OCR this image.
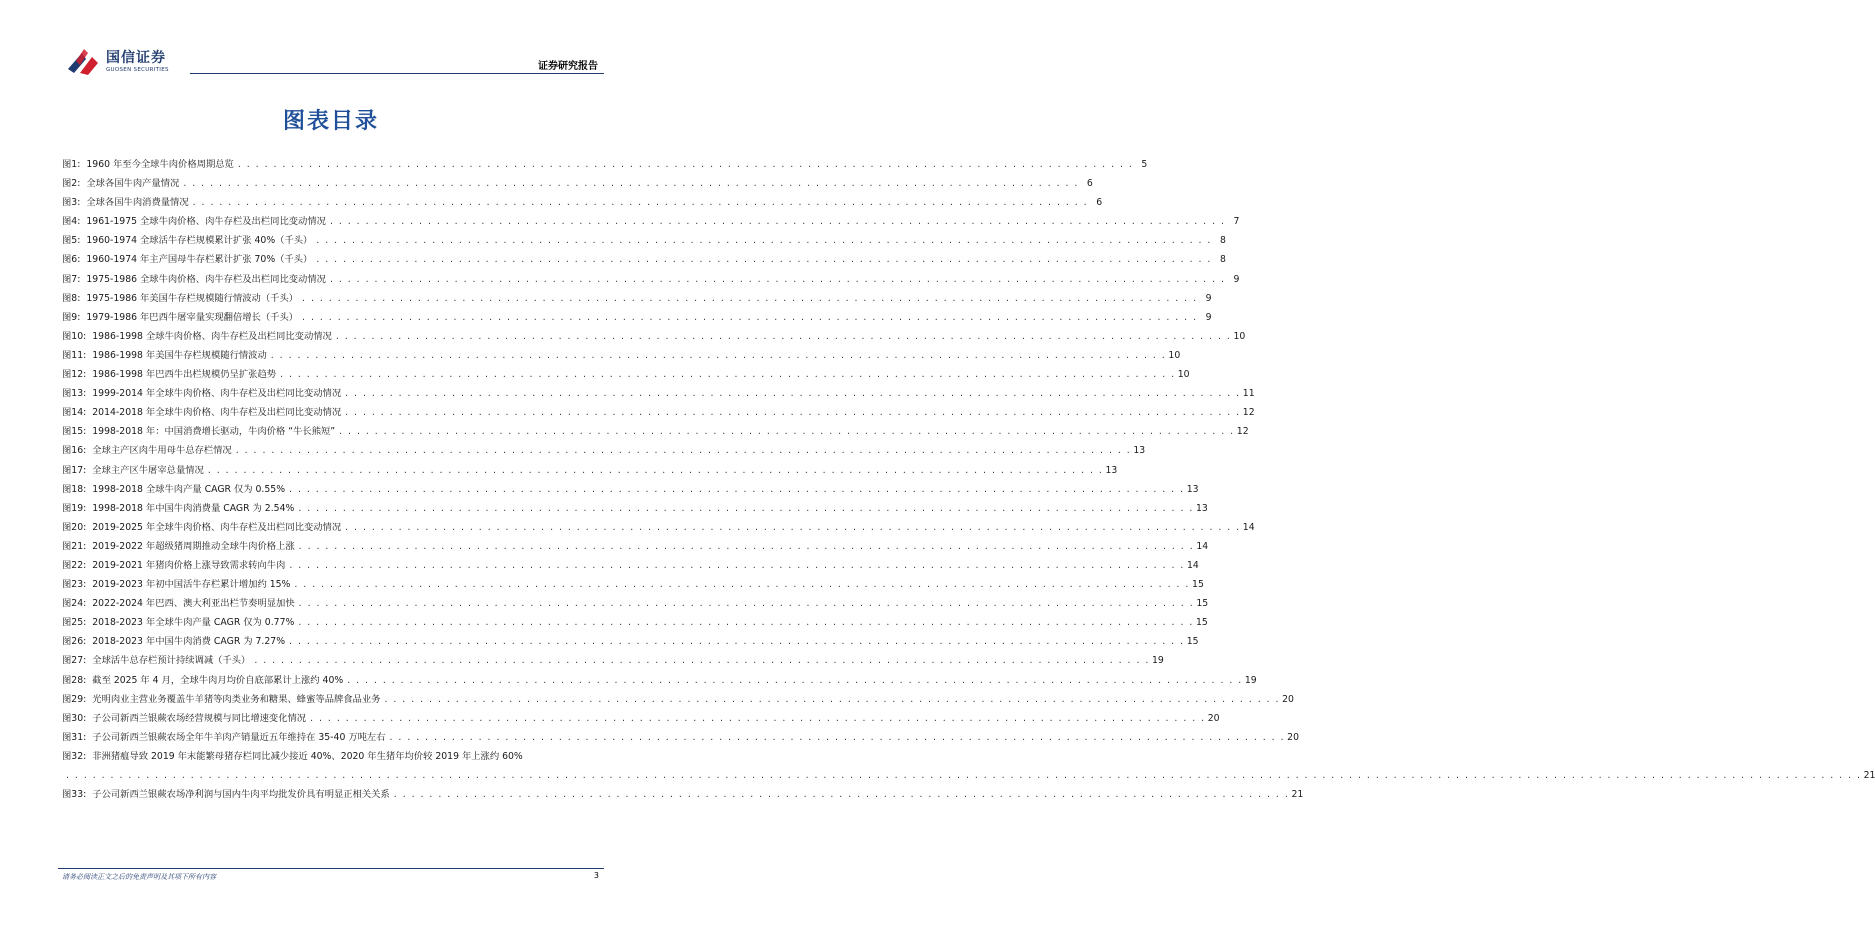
国信证券
GUOSEN SECURITIES	证券研究报告
图表目录
图1: 1960 年至今全球牛肉价格周期总览 . . . . . . . . . . . . . . . . . . . . . . . . . . . . . . . . . . . . . . . . . . . . . . . . . . . . . . . . . . . . . . . . . . . . . . . . . . . . . . . . . . . . . . . . . . . . . . . . . . . . . 5
图2: 全球各国牛肉产量情况 . . . . . . . . . . . . . . . . . . . . . . . . . . . . . . . . . . . . . . . . . . . . . . . . . . . . . . . . . . . . . . . . . . . . . . . . . . . . . . . . . . . . . . . . . . . . . . . . . . . . . 6
图3: 全球各国牛肉消费量情况 . . . . . . . . . . . . . . . . . . . . . . . . . . . . . . . . . . . . . . . . . . . . . . . . . . . . . . . . . . . . . . . . . . . . . . . . . . . . . . . . . . . . . . . . . . . . . . . . . . . . . 6
图4: 1961-1975 全球牛肉价格、肉牛存栏及出栏同比变动情况 . . . . . . . . . . . . . . . . . . . . . . . . . . . . . . . . . . . . . . . . . . . . . . . . . . . . . . . . . . . . . . . . . . . . . . . . . . . . . . . . . . . . . . . . . . . . . . . . . . . . . 7
图5: 1960-1974 全球活牛存栏规模累计扩张 40%（千头） . . . . . . . . . . . . . . . . . . . . . . . . . . . . . . . . . . . . . . . . . . . . . . . . . . . . . . . . . . . . . . . . . . . . . . . . . . . . . . . . . . . . . . . . . . . . . . . . . . . . . 8
图6: 1960-1974 年主产国母牛存栏累计扩张 70%（千头） . . . . . . . . . . . . . . . . . . . . . . . . . . . . . . . . . . . . . . . . . . . . . . . . . . . . . . . . . . . . . . . . . . . . . . . . . . . . . . . . . . . . . . . . . . . . . . . . . . . . . 8
图7: 1975-1986 全球牛肉价格、肉牛存栏及出栏同比变动情况 . . . . . . . . . . . . . . . . . . . . . . . . . . . . . . . . . . . . . . . . . . . . . . . . . . . . . . . . . . . . . . . . . . . . . . . . . . . . . . . . . . . . . . . . . . . . . . . . . . . . . 9
图8: 1975-1986 年美国牛存栏规模随行情波动（千头） . . . . . . . . . . . . . . . . . . . . . . . . . . . . . . . . . . . . . . . . . . . . . . . . . . . . . . . . . . . . . . . . . . . . . . . . . . . . . . . . . . . . . . . . . . . . . . . . . . . . . 9
图9: 1979-1986 年巴西牛屠宰量实现翻倍增长（千头） . . . . . . . . . . . . . . . . . . . . . . . . . . . . . . . . . . . . . . . . . . . . . . . . . . . . . . . . . . . . . . . . . . . . . . . . . . . . . . . . . . . . . . . . . . . . . . . . . . . . . 9
图10: 1986-1998 全球牛肉价格、肉牛存栏及出栏同比变动情况 . . . . . . . . . . . . . . . . . . . . . . . . . . . . . . . . . . . . . . . . . . . . . . . . . . . . . . . . . . . . . . . . . . . . . . . . . . . . . . . . . . . . . . . . . . . . . . . . . . . . . 10
图11: 1986-1998 年美国牛存栏规模随行情波动 . . . . . . . . . . . . . . . . . . . . . . . . . . . . . . . . . . . . . . . . . . . . . . . . . . . . . . . . . . . . . . . . . . . . . . . . . . . . . . . . . . . . . . . . . . . . . . . . . . . . . 10
图12: 1986-1998 年巴西牛出栏规模仍呈扩张趋势 . . . . . . . . . . . . . . . . . . . . . . . . . . . . . . . . . . . . . . . . . . . . . . . . . . . . . . . . . . . . . . . . . . . . . . . . . . . . . . . . . . . . . . . . . . . . . . . . . . . . . 10
图13: 1999-2014 年全球牛肉价格、肉牛存栏及出栏同比变动情况 . . . . . . . . . . . . . . . . . . . . . . . . . . . . . . . . . . . . . . . . . . . . . . . . . . . . . . . . . . . . . . . . . . . . . . . . . . . . . . . . . . . . . . . . . . . . . . . . . . . . . 11
图14: 2014-2018 年全球牛肉价格、肉牛存栏及出栏同比变动情况 . . . . . . . . . . . . . . . . . . . . . . . . . . . . . . . . . . . . . . . . . . . . . . . . . . . . . . . . . . . . . . . . . . . . . . . . . . . . . . . . . . . . . . . . . . . . . . . . . . . . . 12
图15: 1998-2018 年：中国消费增长驱动，牛肉价格 “牛长熊短” . . . . . . . . . . . . . . . . . . . . . . . . . . . . . . . . . . . . . . . . . . . . . . . . . . . . . . . . . . . . . . . . . . . . . . . . . . . . . . . . . . . . . . . . . . . . . . . . . . . . . 12
图16: 全球主产区肉牛用母牛总存栏情况 . . . . . . . . . . . . . . . . . . . . . . . . . . . . . . . . . . . . . . . . . . . . . . . . . . . . . . . . . . . . . . . . . . . . . . . . . . . . . . . . . . . . . . . . . . . . . . . . . . . . . 13
图17: 全球主产区牛屠宰总量情况 . . . . . . . . . . . . . . . . . . . . . . . . . . . . . . . . . . . . . . . . . . . . . . . . . . . . . . . . . . . . . . . . . . . . . . . . . . . . . . . . . . . . . . . . . . . . . . . . . . . . . 13
图18: 1998-2018 全球牛肉产量 CAGR 仅为 0.55% . . . . . . . . . . . . . . . . . . . . . . . . . . . . . . . . . . . . . . . . . . . . . . . . . . . . . . . . . . . . . . . . . . . . . . . . . . . . . . . . . . . . . . . . . . . . . . . . . . . . . 13
图19: 1998-2018 年中国牛肉消费量 CAGR 为 2.54% . . . . . . . . . . . . . . . . . . . . . . . . . . . . . . . . . . . . . . . . . . . . . . . . . . . . . . . . . . . . . . . . . . . . . . . . . . . . . . . . . . . . . . . . . . . . . . . . . . . . . 13
图20: 2019-2025 年全球牛肉价格、肉牛存栏及出栏同比变动情况 . . . . . . . . . . . . . . . . . . . . . . . . . . . . . . . . . . . . . . . . . . . . . . . . . . . . . . . . . . . . . . . . . . . . . . . . . . . . . . . . . . . . . . . . . . . . . . . . . . . . . 14
图21: 2019-2022 年超级猪周期推动全球牛肉价格上涨 . . . . . . . . . . . . . . . . . . . . . . . . . . . . . . . . . . . . . . . . . . . . . . . . . . . . . . . . . . . . . . . . . . . . . . . . . . . . . . . . . . . . . . . . . . . . . . . . . . . . . 14
图22: 2019-2021 年猪肉价格上涨导致需求转向牛肉 . . . . . . . . . . . . . . . . . . . . . . . . . . . . . . . . . . . . . . . . . . . . . . . . . . . . . . . . . . . . . . . . . . . . . . . . . . . . . . . . . . . . . . . . . . . . . . . . . . . . . 14
图23: 2019-2023 年初中国活牛存栏累计增加约 15% . . . . . . . . . . . . . . . . . . . . . . . . . . . . . . . . . . . . . . . . . . . . . . . . . . . . . . . . . . . . . . . . . . . . . . . . . . . . . . . . . . . . . . . . . . . . . . . . . . . . . 15
图24: 2022-2024 年巴西、澳大利亚出栏节奏明显加快 . . . . . . . . . . . . . . . . . . . . . . . . . . . . . . . . . . . . . . . . . . . . . . . . . . . . . . . . . . . . . . . . . . . . . . . . . . . . . . . . . . . . . . . . . . . . . . . . . . . . . 15
图25: 2018-2023 年全球牛肉产量 CAGR 仅为 0.77% . . . . . . . . . . . . . . . . . . . . . . . . . . . . . . . . . . . . . . . . . . . . . . . . . . . . . . . . . . . . . . . . . . . . . . . . . . . . . . . . . . . . . . . . . . . . . . . . . . . . . 15
图26: 2018-2023 年中国牛肉消费 CAGR 为 7.27% . . . . . . . . . . . . . . . . . . . . . . . . . . . . . . . . . . . . . . . . . . . . . . . . . . . . . . . . . . . . . . . . . . . . . . . . . . . . . . . . . . . . . . . . . . . . . . . . . . . . . 15
图27: 全球活牛总存栏预计持续调减（千头） . . . . . . . . . . . . . . . . . . . . . . . . . . . . . . . . . . . . . . . . . . . . . . . . . . . . . . . . . . . . . . . . . . . . . . . . . . . . . . . . . . . . . . . . . . . . . . . . . . . . . 19
图28: 截至 2025 年 4 月，全球牛肉月均价自底部累计上涨约 40% . . . . . . . . . . . . . . . . . . . . . . . . . . . . . . . . . . . . . . . . . . . . . . . . . . . . . . . . . . . . . . . . . . . . . . . . . . . . . . . . . . . . . . . . . . . . . . . . . . . . . 19
图29: 光明肉业主营业务覆盖牛羊猪等肉类业务和糖果、蜂蜜等品牌食品业务 . . . . . . . . . . . . . . . . . . . . . . . . . . . . . . . . . . . . . . . . . . . . . . . . . . . . . . . . . . . . . . . . . . . . . . . . . . . . . . . . . . . . . . . . . . . . . . . . . . . . . 20
图30: 子公司新西兰银蕨农场经营规模与同比增速变化情况 . . . . . . . . . . . . . . . . . . . . . . . . . . . . . . . . . . . . . . . . . . . . . . . . . . . . . . . . . . . . . . . . . . . . . . . . . . . . . . . . . . . . . . . . . . . . . . . . . . . . . 20
图31: 子公司新西兰银蕨农场全年牛羊肉产销量近五年维持在 35-40 万吨左右 . . . . . . . . . . . . . . . . . . . . . . . . . . . . . . . . . . . . . . . . . . . . . . . . . . . . . . . . . . . . . . . . . . . . . . . . . . . . . . . . . . . . . . . . . . . . . . . . . . . . . 20
图32: 非洲猪瘟导致 2019 年末能繁母猪存栏同比减少接近 40%、2020 年生猪年均价较 2019 年上涨约 60%
. . . . . . . . . . . . . . . . . . . . . . . . . . . . . . . . . . . . . . . . . . . . . . . . . . . . . . . . . . . . . . . . . . . . . . . . . . . . . . . . . . . . . . . . . . . . . . . . . . . . . . . . . . . . . . . . . . . . . . . . . . . . . . . . . . . . . . . . . . . . . . . . . . . . . . . . . . . . . . . . . . . . . . . . . . . . . . . . . . . . . . . . . . . . . . . . . . . . . . . . . . 21
图33: 子公司新西兰银蕨农场净利润与国内牛肉平均批发价具有明显正相关关系 . . . . . . . . . . . . . . . . . . . . . . . . . . . . . . . . . . . . . . . . . . . . . . . . . . . . . . . . . . . . . . . . . . . . . . . . . . . . . . . . . . . . . . . . . . . . . . . . . . . . . 21
请务必阅读正文之后的免责声明及其项下所有内容	3
